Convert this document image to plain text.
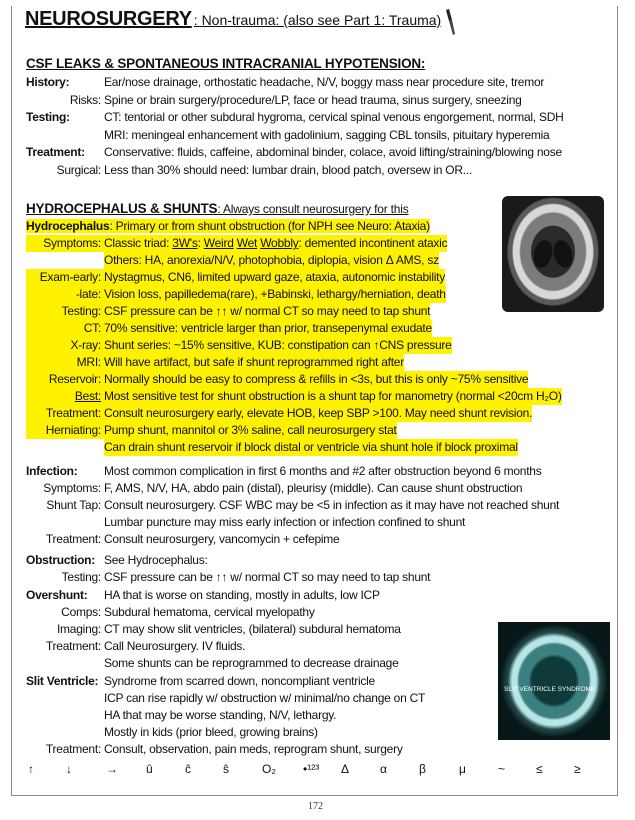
NEUROSURGERY : Non-trauma: (also see Part 1: Trauma)
CSF LEAKS & SPONTANEOUS INTRACRANIAL HYPOTENSION:
History:	Ear/nose drainage, orthostatic headache, N/V, boggy mass near procedure site, tremor
Risks: Spine or brain surgery/procedure/LP, face or head trauma, sinus surgery, sneezing
Testing:	CT: tentorial or other subdural hygroma, cervical spinal venous engorgement, normal, SDH
MRI: meningeal enhancement with gadolinium, sagging CBL tonsils, pituitary hyperemia
Treatment: Conservative: fluids, caffeine, abdominal binder, colace, avoid lifting/straining/blowing nose
Surgical: Less than 30% should need: lumbar drain, blood patch, oversew in OR...
HYDROCEPHALUS & SHUNTS: Always consult neurosurgery for this
Hydrocephalus: Primary or from shunt obstruction (for NPH see Neuro: Ataxia)
Symptoms: Classic triad: 3W's: Weird Wet Wobbly: demented incontinent ataxic
Others: HA, anorexia/N/V, photophobia, diplopia, vision Δ AMS, sz
Exam-early: Nystagmus, CN6, limited upward gaze, ataxia, autonomic instability
-late: Vision loss, papilledema(rare), +Babinski, lethargy/herniation, death
Testing: CSF pressure can be ↑↑ w/ normal CT so may need to tap shunt
CT: 70% sensitive: ventricle larger than prior, transepenymal exudate
X-ray: Shunt series: ~15% sensitive, KUB: constipation can ↑CNS pressure
MRI: Will have artifact, but safe if shunt reprogrammed right after
Reservoir: Normally should be easy to compress & refills in <3s, but this is only ~75% sensitive
Best: Most sensitive test for shunt obstruction is a shunt tap for manometry (normal <20cm H₂O)
Treatment: Consult neurosurgery early, elevate HOB, keep SBP >100. May need shunt revision.
Herniating: Pump shunt, mannitol or 3% saline, call neurosurgery stat
Can drain shunt reservoir if block distal or ventricle via shunt hole if block proximal
Infection: Most common complication in first 6 months and #2 after obstruction beyond 6 months
Symptoms: F, AMS, N/V, HA, abdo pain (distal), pleurisy (middle). Can cause shunt obstruction
Shunt Tap: Consult neurosurgery. CSF WBC may be <5 in infection as it may have not reached shunt
Lumbar puncture may miss early infection or infection confined to shunt
Treatment: Consult neurosurgery, vancomycin + cefepime
Obstruction: See Hydrocephalus:
Testing: CSF pressure can be ↑↑ w/ normal CT so may need to tap shunt
Overshunt: HA that is worse on standing, mostly in adults, low ICP
Comps: Subdural hematoma, cervical myelopathy
Imaging: CT may show slit ventricles, (bilateral) subdural hematoma
Treatment: Call Neurosurgery. IV fluids.
Some shunts can be reprogrammed to decrease drainage
Slit Ventricle: Syndrome from scarred down, noncompliant ventricle
ICP can rise rapidly w/ obstruction w/ minimal/no change on CT
HA that may be worse standing, N/V, lethargy.
Mostly in kids (prior bleed, growing brains)
Treatment: Consult, observation, pain meds, reprogram shunt, surgery
SLIT VENTRICLE SYNDROME
↑	↓	→ û	ĉ	ŝ	O₂ •¹²³ Δ	α	β	μ	~	≤	≥
172
